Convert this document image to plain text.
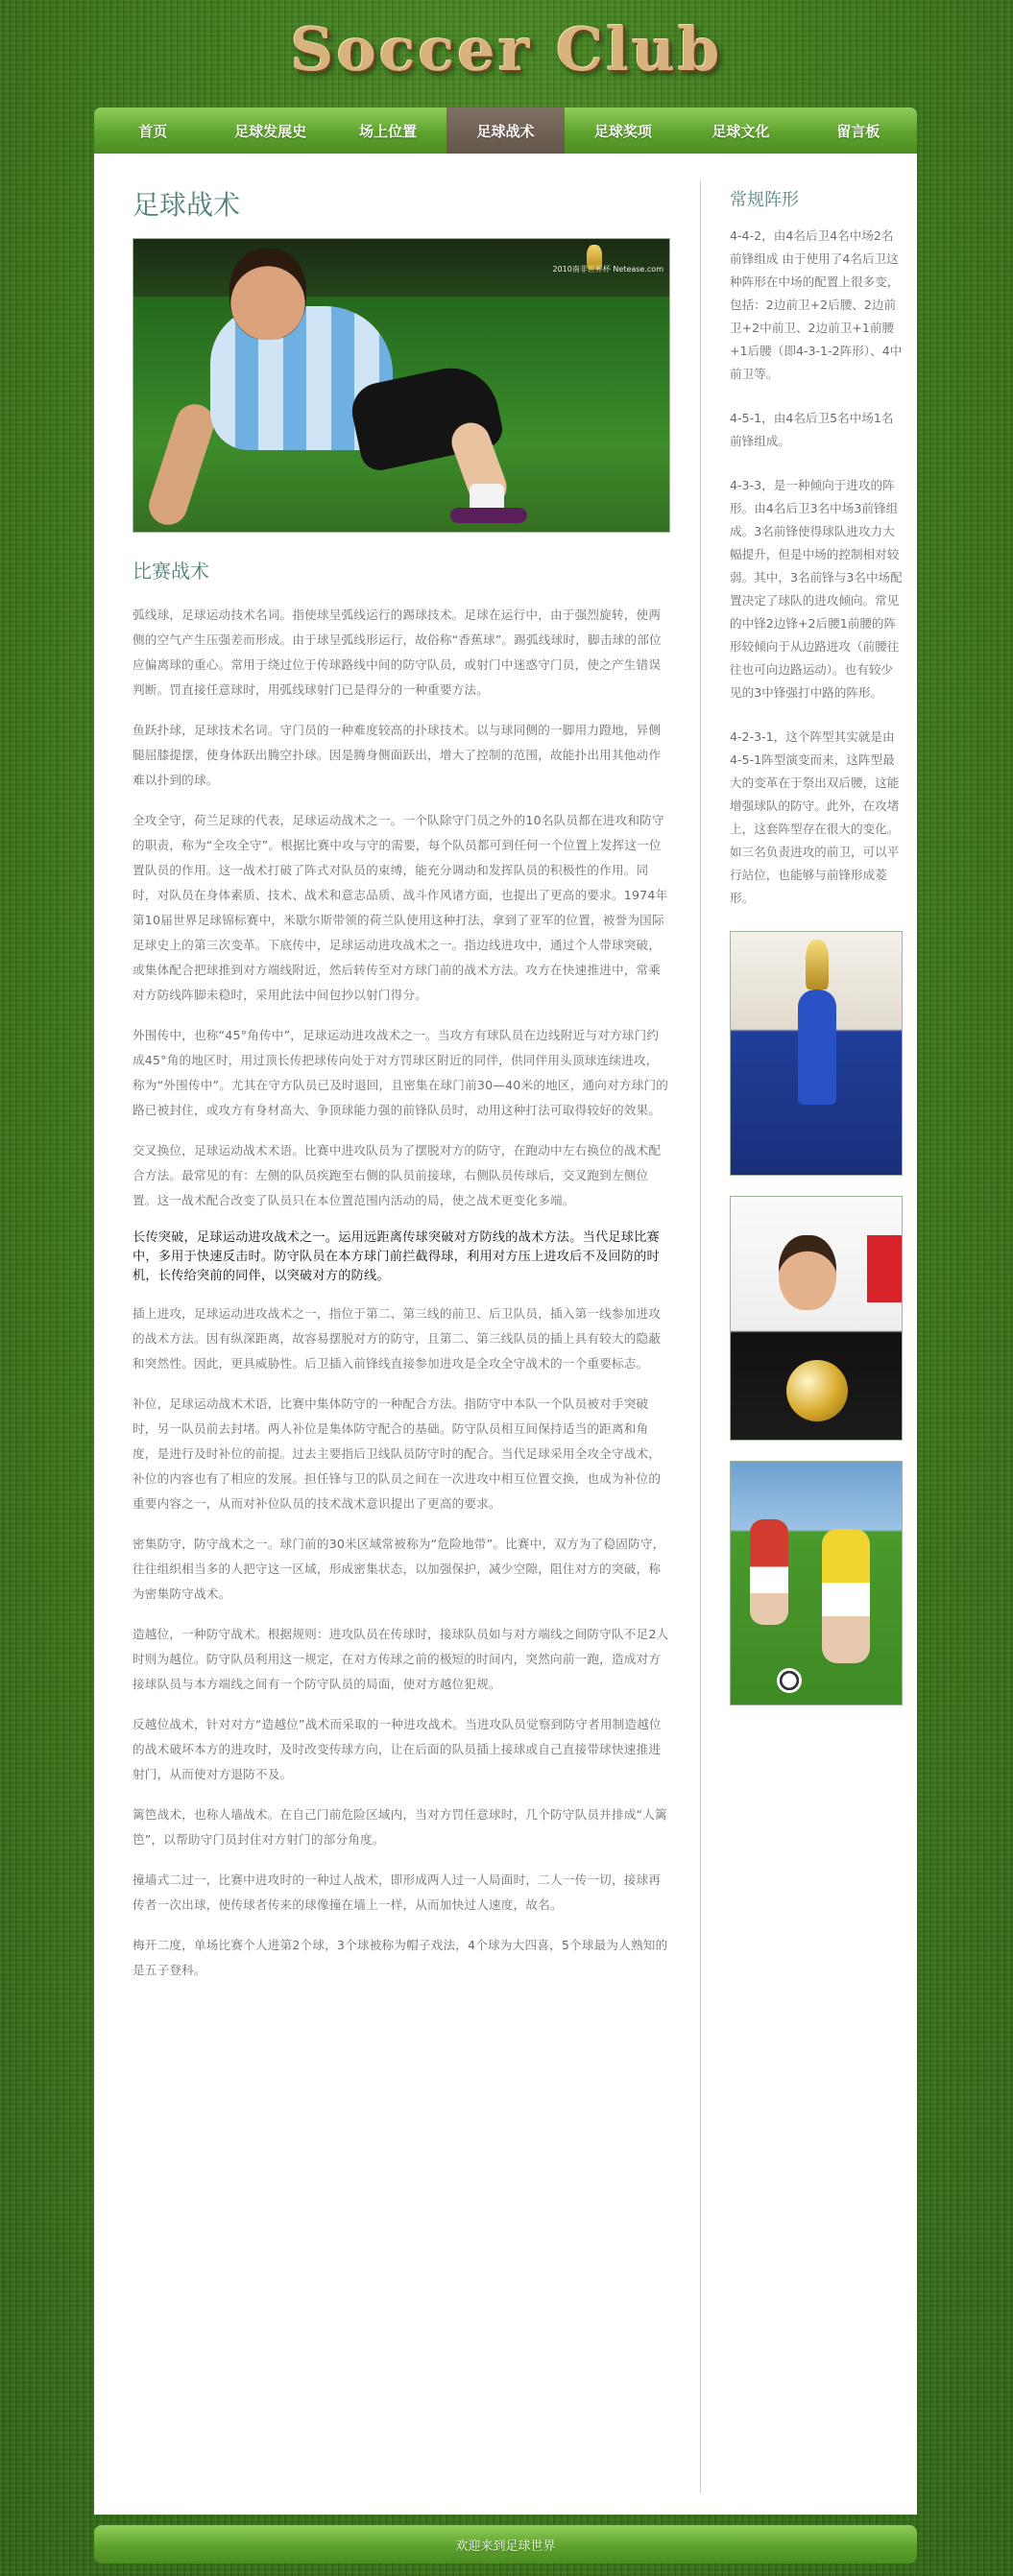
Soccer Club
首页	足球发展史	场上位置	足球战术	足球奖项	足球文化	留言板
足球战术
2010南非世界杯 Netease.com
比赛战术

弧线球，足球运动技术名词。指使球呈弧线运行的踢球技术。足球在运行中，由于强烈旋转，使两侧的空气产生压强差而形成。由于球呈弧线形运行，故俗称“香蕉球”。踢弧线球时，脚击球的部位应偏离球的重心。常用于绕过位于传球路线中间的防守队员，或射门中迷惑守门员，使之产生错误判断。罚直接任意球时，用弧线球射门已是得分的一种重要方法。

鱼跃扑球，足球技术名词。守门员的一种难度较高的扑球技术。以与球同侧的一脚用力蹬地，异侧腿屈膝提摆，使身体跃出腾空扑球。因是腾身侧面跃出，增大了控制的范围，故能扑出用其他动作难以扑到的球。

全攻全守，荷兰足球的代表，足球运动战术之一。一个队除守门员之外的10名队员都在进攻和防守的职责，称为“全攻全守”。根据比赛中攻与守的需要，每个队员都可到任何一个位置上发挥这一位置队员的作用。这一战术打破了阵式对队员的束缚，能充分调动和发挥队员的积极性的作用。同时，对队员在身体素质、技术、战术和意志品质、战斗作风诸方面，也提出了更高的要求。1974年第10届世界足球锦标赛中，米歇尔斯带领的荷兰队使用这种打法，拿到了亚军的位置，被誉为国际足球史上的第三次变革。下底传中，足球运动进攻战术之一。指边线进攻中，通过个人带球突破，或集体配合把球推到对方端线附近，然后转传至对方球门前的战术方法。攻方在快速推进中，常乘对方防线阵脚未稳时，采用此法中间包抄以射门得分。

外围传中，也称“45°角传中”，足球运动进攻战术之一。当攻方有球队员在边线附近与对方球门约成45°角的地区时，用过顶长传把球传向处于对方罚球区附近的同伴，供同伴用头顶球连续进攻，称为“外围传中”。尤其在守方队员已及时退回，且密集在球门前30—40米的地区，通向对方球门的路已被封住，或攻方有身材高大、争顶球能力强的前锋队员时，动用这种打法可取得较好的效果。

交叉换位，足球运动战术术语。比赛中进攻队员为了摆脱对方的防守，在跑动中左右换位的战术配合方法。最常见的有：左侧的队员疾跑至右侧的队员前接球，右侧队员传球后，交叉跑到左侧位置。这一战术配合改变了队员只在本位置范围内活动的局，使之战术更变化多端。

长传突破，足球运动进攻战术之一。运用远距离传球突破对方防线的战术方法。当代足球比赛中，多用于快速反击时。防守队员在本方球门前拦截得球，利用对方压上进攻后不及回防的时机，长传给突前的同伴，以突破对方的防线。

插上进攻，足球运动进攻战术之一，指位于第二、第三线的前卫、后卫队员，插入第一线参加进攻的战术方法。因有纵深距离，故容易摆脱对方的防守，且第二、第三线队员的插上具有较大的隐蔽和突然性。因此，更具威胁性。后卫插入前锋线直接参加进攻是全攻全守战术的一个重要标志。

补位，足球运动战术术语，比赛中集体防守的一种配合方法。指防守中本队一个队员被对手突破时，另一队员前去封堵。两人补位是集体防守配合的基础。防守队员相互间保持适当的距离和角度，是进行及时补位的前提。过去主要指后卫线队员防守时的配合。当代足球采用全攻全守战术，补位的内容也有了相应的发展。担任锋与卫的队员之间在一次进攻中相互位置交换，也成为补位的重要内容之一，从而对补位队员的技术战术意识提出了更高的要求。

密集防守，防守战术之一。球门前的30米区域常被称为“危险地带”。比赛中，双方为了稳固防守，往往组织相当多的人把守这一区域，形成密集状态，以加强保护，减少空隙，阻住对方的突破，称为密集防守战术。

造越位，一种防守战术。根据规则：进攻队员在传球时，接球队员如与对方端线之间防守队不足2人时则为越位。防守队员利用这一规定，在对方传球之前的极短的时间内，突然向前一跑，造成对方接球队员与本方端线之间有一个防守队员的局面，使对方越位犯规。

反越位战术，针对对方“造越位”战术而采取的一种进攻战术。当进攻队员觉察到防守者用制造越位的战术破坏本方的进攻时，及时改变传球方向，让在后面的队员插上接球或自己直接带球快速推进射门，从而使对方退防不及。

篱笆战术，也称人墙战术。在自己门前危险区域内，当对方罚任意球时，几个防守队员并排成“人篱笆”，以帮助守门员封住对方射门的部分角度。

撞墙式二过一，比赛中进攻时的一种过人战术，即形成两人过一人局面时，二人一传一切，接球再传者一次出球，使传球者传来的球像撞在墙上一样，从而加快过人速度，故名。

梅开二度，单场比赛个人进第2个球，3个球被称为帽子戏法，4个球为大四喜，5个球最为人熟知的是五子登科。

常规阵形

4-4-2，由4名后卫4名中场2名前锋组成 由于使用了4名后卫这种阵形在中场的配置上很多变，包括：2边前卫+2后腰、2边前卫+2中前卫、2边前卫+1前腰+1后腰（即4-3-1-2阵形）、4中前卫等。

4-5-1，由4名后卫5名中场1名前锋组成。

4-3-3，是一种倾向于进攻的阵形。由4名后卫3名中场3前锋组成。3名前锋使得球队进攻力大幅提升，但是中场的控制相对较弱。其中，3名前锋与3名中场配置决定了球队的进攻倾向。常见的中锋2边锋+2后腰1前腰的阵形较倾向于从边路进攻（前腰往往也可向边路运动）。也有较少见的3中锋强打中路的阵形。

4-2-3-1，这个阵型其实就是由4-5-1阵型演变而来，这阵型最大的变革在于祭出双后腰，这能增强球队的防守。此外，在攻堵上，这套阵型存在很大的变化。如三名负责进攻的前卫，可以平行站位，也能够与前锋形成菱形。

欢迎来到足球世界
